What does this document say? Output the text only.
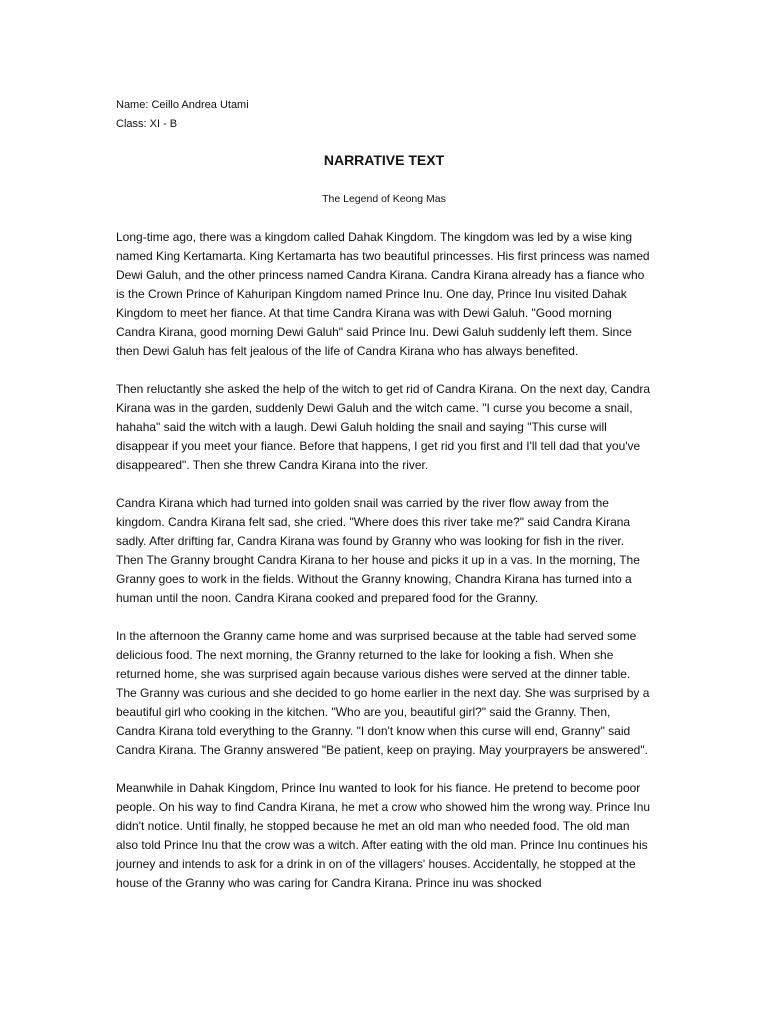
Name: Ceillo Andrea Utami
Class: XI - B
NARRATIVE TEXT
The Legend of Keong Mas

Long-time ago, there was a kingdom called Dahak Kingdom. The kingdom was led by a wise king named King Kertamarta. King Kertamarta has two beautiful princesses. His first princess was named Dewi Galuh, and the other princess named Candra Kirana. Candra Kirana already has a fiance who is the Crown Prince of Kahuripan Kingdom named Prince Inu. One day, Prince Inu visited Dahak Kingdom to meet her fiance. At that time Candra Kirana was with Dewi Galuh. "Good morning Candra Kirana, good morning Dewi Galuh" said Prince Inu. Dewi Galuh suddenly left them. Since then Dewi Galuh has felt jealous of the life of Candra Kirana who has always benefited.

Then reluctantly she asked the help of the witch to get rid of Candra Kirana. On the next day, Candra Kirana was in the garden, suddenly Dewi Galuh and the witch came. "I curse you become a snail, hahaha" said the witch with a laugh. Dewi Galuh holding the snail and saying "This curse will disappear if you meet your fiance. Before that happens, I get rid you first and I'll tell dad that you've disappeared". Then she threw Candra Kirana into the river.

Candra Kirana which had turned into golden snail was carried by the river flow away from the kingdom. Candra Kirana felt sad, she cried. "Where does this river take me?" said Candra Kirana sadly. After drifting far, Candra Kirana was found by Granny who was looking for fish in the river. Then The Granny brought Candra Kirana to her house and picks it up in a vas. In the morning, The Granny goes to work in the fields. Without the Granny knowing, Chandra Kirana has turned into a human until the noon. Candra Kirana cooked and prepared food for the Granny.

In the afternoon the Granny came home and was surprised because at the table had served some delicious food. The next morning, the Granny returned to the lake for looking a fish. When she returned home, she was surprised again because various dishes were served at the dinner table. The Granny was curious and she decided to go home earlier in the next day. She was surprised by a beautiful girl who cooking in the kitchen. "Who are you, beautiful girl?" said the Granny. Then, Candra Kirana told everything to the Granny. "I don't know when this curse will end, Granny" said Candra Kirana. The Granny answered "Be patient, keep on praying. May yourprayers be answered".

Meanwhile in Dahak Kingdom, Prince Inu wanted to look for his fiance. He pretend to become poor people. On his way to find Candra Kirana, he met a crow who showed him the wrong way. Prince Inu didn't notice. Until finally, he stopped because he met an old man who needed food. The old man also told Prince Inu that the crow was a witch. After eating with the old man. Prince Inu continues his journey and intends to ask for a drink in on of the villagers' houses. Accidentally, he stopped at the house of the Granny who was caring for Candra Kirana. Prince inu was shocked
